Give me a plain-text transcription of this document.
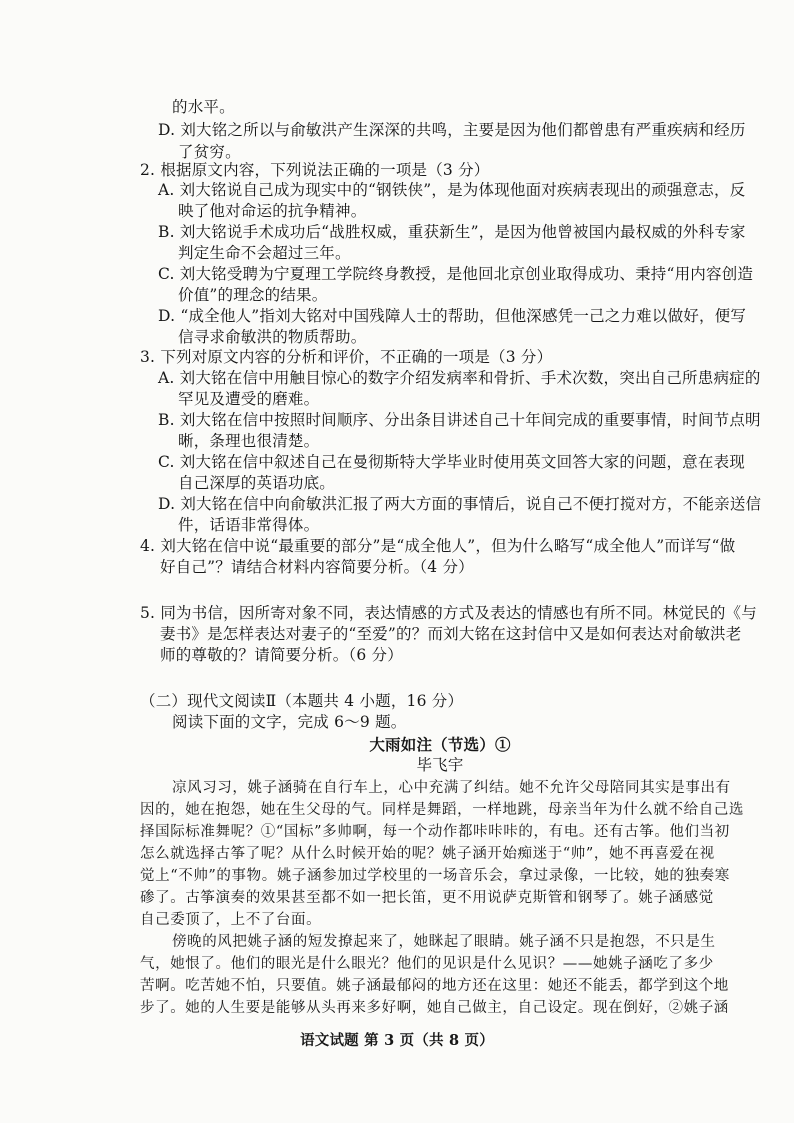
的水平。
D. 刘大铭之所以与俞敏洪产生深深的共鸣，主要是因为他们都曾患有严重疾病和经历
了贫穷。
2. 根据原文内容，下列说法正确的一项是（3 分）
A. 刘大铭说自己成为现实中的“钢铁侠”，是为体现他面对疾病表现出的顽强意志，反
映了他对命运的抗争精神。
B. 刘大铭说手术成功后“战胜权威，重获新生”，是因为他曾被国内最权威的外科专家
判定生命不会超过三年。
C. 刘大铭受聘为宁夏理工学院终身教授，是他回北京创业取得成功、秉持“用内容创造
价值”的理念的结果。
D. “成全他人”指刘大铭对中国残障人士的帮助，但他深感凭一己之力难以做好，便写
信寻求俞敏洪的物质帮助。
3. 下列对原文内容的分析和评价，不正确的一项是（3 分）
A. 刘大铭在信中用触目惊心的数字介绍发病率和骨折、手术次数，突出自己所患病症的
罕见及遭受的磨难。
B. 刘大铭在信中按照时间顺序、分出条目讲述自己十年间完成的重要事情，时间节点明
晰，条理也很清楚。
C. 刘大铭在信中叙述自己在曼彻斯特大学毕业时使用英文回答大家的问题，意在表现
自己深厚的英语功底。
D. 刘大铭在信中向俞敏洪汇报了两大方面的事情后，说自己不便打搅对方，不能亲送信
件，话语非常得体。
4. 刘大铭在信中说“最重要的部分”是“成全他人”，但为什么略写“成全他人”而详写“做
好自己”？请结合材料内容简要分析。（4 分）
5. 同为书信，因所寄对象不同，表达情感的方式及表达的情感也有所不同。林觉民的《与
妻书》是怎样表达对妻子的“至爱”的？而刘大铭在这封信中又是如何表达对俞敏洪老
师的尊敬的？请简要分析。（6 分）
（二）现代文阅读Ⅱ（本题共 4 小题，16 分）
阅读下面的文字，完成 6～9 题。
大雨如注（节选）①
毕飞宇
凉风习习，姚子涵骑在自行车上，心中充满了纠结。她不允许父母陪同其实是事出有
因的，她在抱怨，她在生父母的气。同样是舞蹈，一样地跳，母亲当年为什么就不给自己选
择国际标准舞呢？①“国标”多帅啊，每一个动作都咔咔咔的，有电。还有古筝。他们当初
怎么就选择古筝了呢？从什么时候开始的呢？姚子涵开始痴迷于“帅”，她不再喜爱在视
觉上“不帅”的事物。姚子涵参加过学校里的一场音乐会，拿过录像，一比较，她的独奏寒
碜了。古筝演奏的效果甚至都不如一把长笛，更不用说萨克斯管和钢琴了。姚子涵感觉
自己委顶了，上不了台面。
傍晚的风把姚子涵的短发撩起来了，她眯起了眼睛。姚子涵不只是抱怨，不只是生
气，她恨了。他们的眼光是什么眼光？他们的见识是什么见识？——她姚子涵吃了多少
苦啊。吃苦她不怕，只要值。姚子涵最郁闷的地方还在这里：她还不能丢，都学到这个地
步了。她的人生要是能够从头再来多好啊，她自己做主，自己设定。现在倒好，②姚子涵
语文试题 第 3 页（共 8 页）
